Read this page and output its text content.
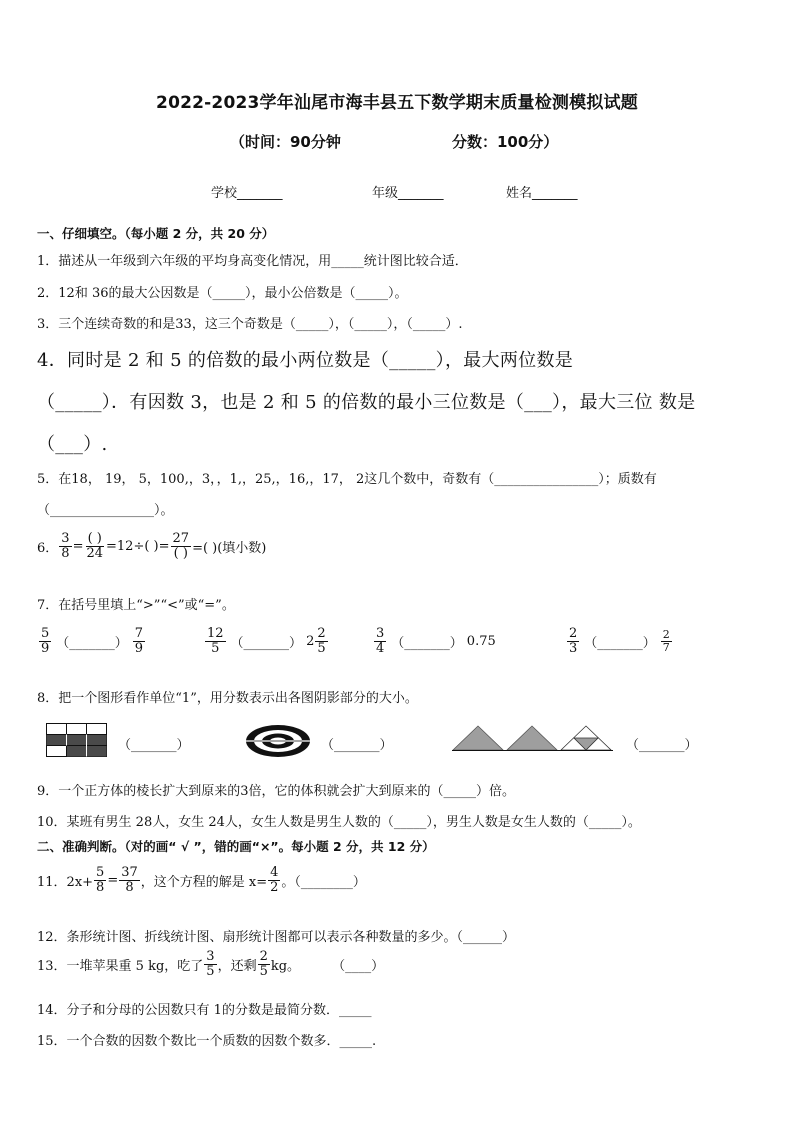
2022-2023学年汕尾市海丰县五下数学期末质量检测模拟试题
（时间：90分钟	分数：100分）
学校_______	年级_______	姓名_______
一、仔细填空。（每小题 2 分，共 20 分）
1．描述从一年级到六年级的平均身高变化情况，用_____统计图比较合适．
2．12和 36的最大公因数是（_____），最小公倍数是（_____）。
3．三个连续奇数的和是33，这三个奇数是（_____），（_____），（_____）.
4．同时是 2 和 5 的倍数的最小两位数是（_____），最大两位数是
（_____）．有因数 3，也是 2 和 5 的倍数的最小三位数是（___），最大三位 数是
（___）.
5．在18， 19， 5，100,，3，，1,，25,，16,，17， 2这几个数中，奇数有（________________）；质数有
（________________）。
6． $\frac{3}{8} = \frac{( )}{24} =12\div$( )= $\frac{27}{( )}$ =( )(填小数)
7．在括号里填上“>”“<”或“=”。
$\frac{5}{9}$ （_______） $\frac{7}{9}$	$\frac{12}{5}$ （_______） $2 \frac{2}{5}$	$\frac{3}{4}$ （_______） 0.75	$\frac{2}{3}$ （_______） $\frac{2}{7}$
8．把一个图形看作单位“1”，用分数表示出各图阴影部分的大小。
（_______）	（_______）	（_______）
9．一个正方体的棱长扩大到原来的3倍，它的体积就会扩大到原来的（_____）倍。
10．某班有男生 28人，女生 24人，女生人数是男生人数的（_____），男生人数是女生人数的（_____）。
二、准确判断。（对的画“ √ ”，错的画“×”。每小题 2 分，共 12 分）
11．$2x+ \frac{5}{8} = \frac{37}{8}$ ，这个方程的解是 $x= \frac{4}{2}$ 。（________）
12．条形统计图、折线统计图、扇形统计图都可以表示各种数量的多少。（______）
13．一堆苹果重 5 kg，吃了 $\frac{3}{5}$ ，还剩 $\frac{2}{5}$ kg。 （____）
14．分子和分母的公因数只有 1的分数是最简分数．_____
15．一个合数的因数个数比一个质数的因数个数多．_____.
